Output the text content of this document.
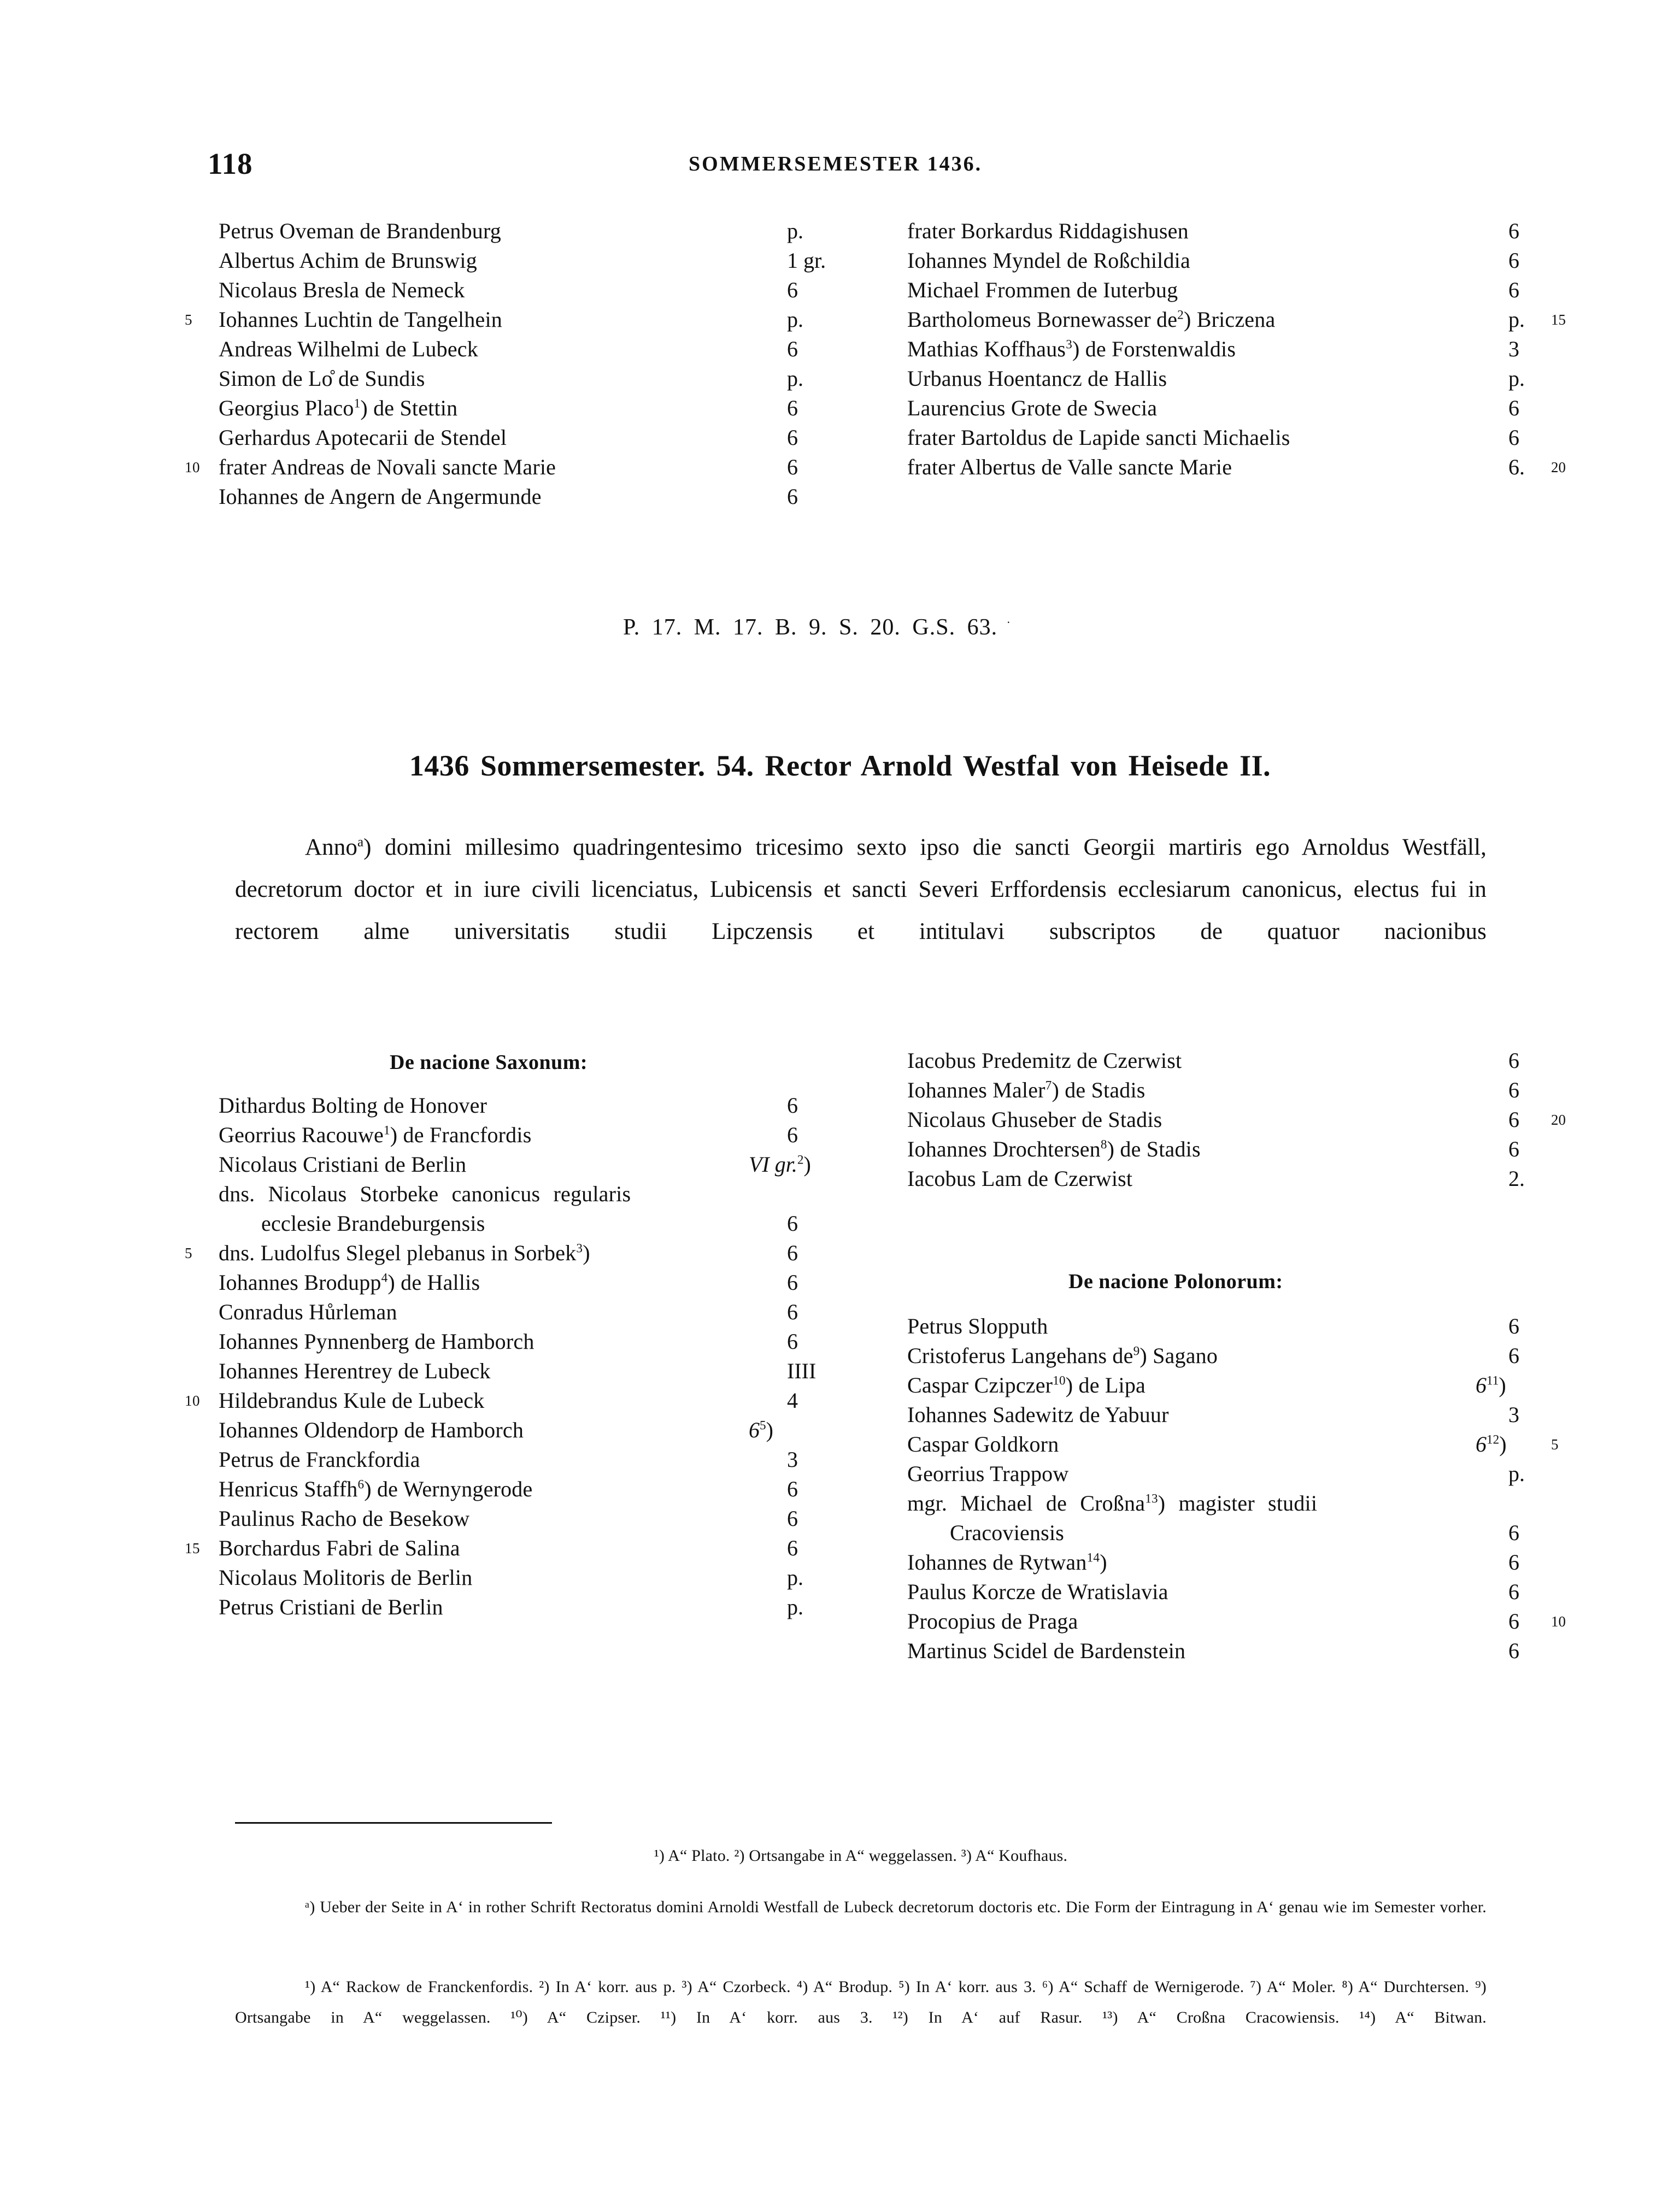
118	SOMMERSEMESTER 1436.
Petrus Oveman de Brandenburg	p.
Albertus Achim de Brunswig	1 gr.
Nicolaus Bresla de Nemeck	6
5 Iohannes Luchtin de Tangelhein	p.
Andreas Wilhelmi de Lubeck	6
Simon de Lo̊ de Sundis	p.
Georgius Placo$^1$) de Stettin	6
Gerhardus Apotecarii de Stendel	6
10 frater Andreas de Novali sancte Marie	6
Iohannes de Angern de Angermunde	6
frater Borkardus Riddagishusen	6
Iohannes Myndel de Roßchildia	6
Michael Frommen de Iuterbug	6
Bartholomeus Bornewasser $de^2$) Briczena	p. 15
Mathias Koffhaus$^3$) de Forstenwaldis	3
Urbanus Hoentancz de Hallis	p.
Laurencius Grote de Swecia	6
frater Bartoldus de Lapide sancti Michaelis	6
frater Albertus de Valle sancte Marie	6. 20
P. 17. M. 17. B. 9. S. 20. G.S. 63. ·
1436 Sommersemester. 54. Rector Arnold Westfal von Heisede II.
Anno$^a$) domini millesimo quadringentesimo tricesimo sexto ipso die sancti Georgii martiris ego Arnoldus Westfäll, decretorum doctor et in iure civili licenciatus, Lubicensis et sancti Severi Erffordensis ecclesiarum canonicus, electus fui in rectorem alme universitatis studii Lipczensis et intitulavi subscriptos de quatuor nacionibus
De nacione Saxonum:
Dithardus Bolting de Honover	6
Georrius Racouwe$^1$) de Francfordis	6
Nicolaus Cristiani de Berlin	VI gr.$^2$)
dns. Nicolaus Storbeke canonicus regularis
ecclesie Brandeburgensis	6
5 dns. Ludolfus Slegel plebanus in Sorbek$^3$)	6
Iohannes Brodupp$^4$) de Hallis	6
Conradus Hůrleman	6
Iohannes Pynnenberg de Hamborch	6
Iohannes Herentrey de Lubeck	IIII
10 Hildebrandus Kule de Lubeck	4
Iohannes Oldendorp de Hamborch	$6^5$)
Petrus de Franckfordia	3
Henricus Staffh$^6$) de Wernyngerode	6
Paulinus Racho de Besekow	6
15 Borchardus Fabri de Salina	6
Nicolaus Molitoris de Berlin	p.
Petrus Cristiani de Berlin	p.
Iacobus Predemitz de Czerwist	6
Iohannes Maler$^7$) de Stadis	6
Nicolaus Ghuseber de Stadis	6 20
Iohannes Drochtersen$^8$) de Stadis	6
Iacobus Lam de Czerwist	2.
De nacione Polonorum:
Petrus Slopputh	6
Cristoferus Langehans $de^9$) Sagano	6
Caspar Czipczer$^{10}$) de Lipa	$6^{11}$)
Iohannes Sadewitz de Yabuur	3
Caspar Goldkorn	$6^{12}$)	5
Georrius Trappow	p.
mgr. Michael de Croßna$^{13}$) magister studii
Cracoviensis	6
Iohannes de Rytwan$^{14}$)	6
Paulus Korcze de Wratislavia	6
Procopius de Praga	6 10
Martinus Scidel de Bardenstein	6
¹) A“ Plato. ²) Ortsangabe in A“ weggelassen. ³) A“ Koufhaus.
ᵃ) Ueber der Seite in A‘ in rother Schrift Rectoratus domini Arnoldi Westfall de Lubeck decretorum doctoris etc. Die Form der Eintragung in A‘ genau wie im Semester vorher.
¹) A“ Rackow de Franckenfordis. ²) In A‘ korr. aus p. ³) A“ Czorbeck. ⁴) A“ Brodup. ⁵) In A‘ korr. aus 3. ⁶) A“ Schaff de Wernigerode. ⁷) A“ Moler. ⁸) A“ Durchtersen. ⁹) Ortsangabe in A“ weggelassen. ¹⁰) A“ Czipser. ¹¹) In A‘ korr. aus 3. ¹²) In A‘ auf Rasur. ¹³) A“ Croßna Cracowiensis. ¹⁴) A“ Bitwan.
